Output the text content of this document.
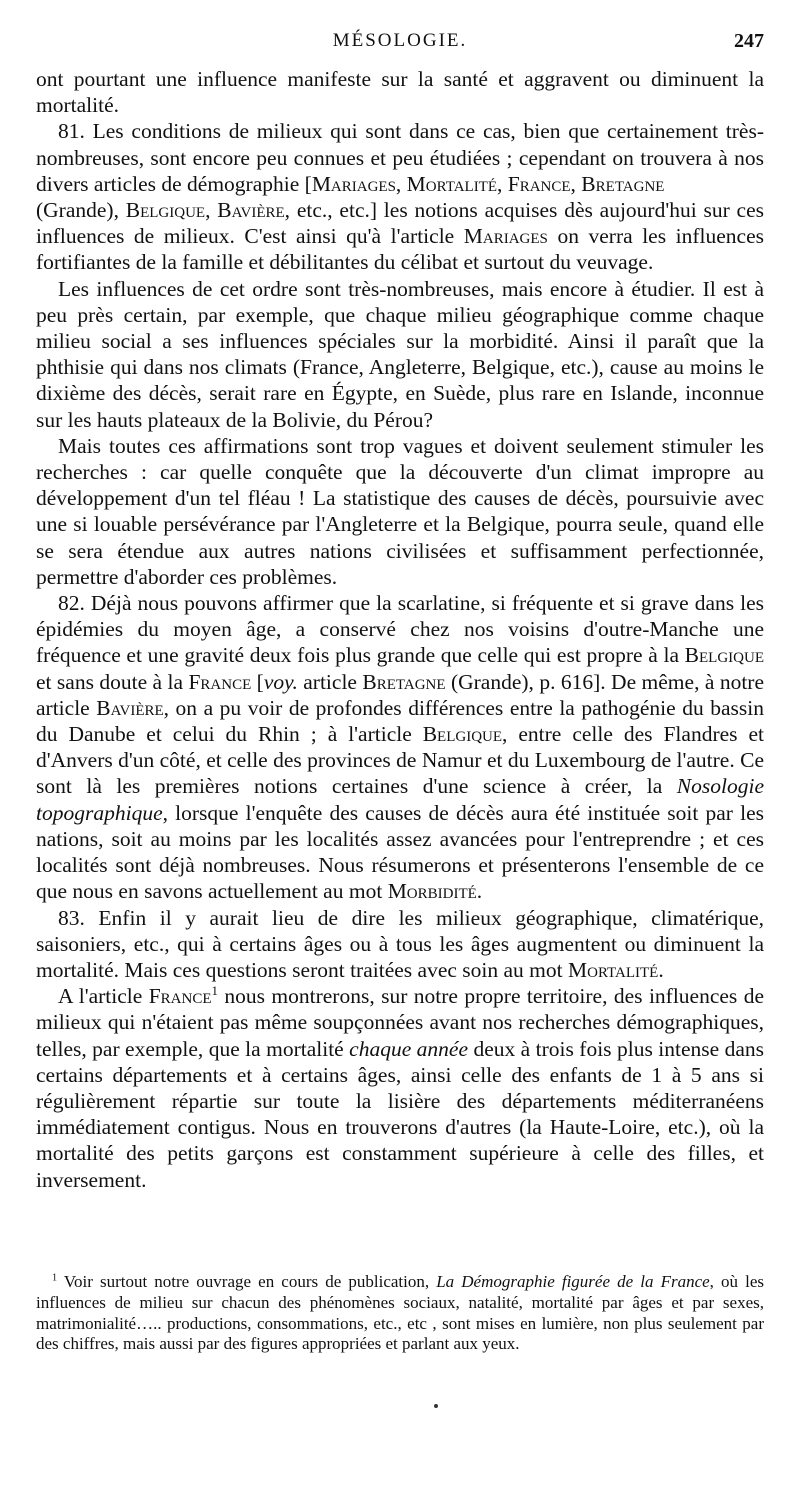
MÉSOLOGIE.	247

ont pourtant une influence manifeste sur la santé et aggravent ou diminuent la mortalité.

81. Les conditions de milieux qui sont dans ce cas, bien que certainement très-nombreuses, sont encore peu connues et peu étudiées ; cependant on trouvera à nos divers articles de démographie [Mariages, Mortalité, France, Bretagne
(Grande), Belgique, Bavière, etc., etc.] les notions acquises dès aujourd'hui sur ces influences de milieux. C'est ainsi qu'à l'article Mariages on verra les influences fortifiantes de la famille et débilitantes du célibat et surtout du veuvage.

Les influences de cet ordre sont très-nombreuses, mais encore à étudier. Il est à peu près certain, par exemple, que chaque milieu géographique comme chaque milieu social a ses influences spéciales sur la morbidité. Ainsi il paraît que la phthisie qui dans nos climats (France, Angleterre, Belgique, etc.), cause au moins le dixième des décès, serait rare en Égypte, en Suède, plus rare en Islande, inconnue sur les hauts plateaux de la Bolivie, du Pérou?

Mais toutes ces affirmations sont trop vagues et doivent seulement stimuler les recherches : car quelle conquête que la découverte d'un climat impropre au développement d'un tel fléau ! La statistique des causes de décès, poursuivie avec une si louable persévérance par l'Angleterre et la Belgique, pourra seule, quand elle se sera étendue aux autres nations civilisées et suffisamment perfectionnée, permettre d'aborder ces problèmes.

82. Déjà nous pouvons affirmer que la scarlatine, si fréquente et si grave dans les épidémies du moyen âge, a conservé chez nos voisins d'outre-Manche une fréquence et une gravité deux fois plus grande que celle qui est propre à la Belgique et sans doute à la France [voy. article Bretagne (Grande), p. 616]. De même, à notre article Bavière, on a pu voir de profondes différences entre la pathogénie du bassin du Danube et celui du Rhin ; à l'article Belgique, entre celle des Flandres et d'Anvers d'un côté, et celle des provinces de Namur et du Luxembourg de l'autre. Ce sont là les premières notions certaines d'une science à créer, la Nosologie topographique, lorsque l'enquête des causes de décès aura été instituée soit par les nations, soit au moins par les localités assez avancées pour l'entreprendre ; et ces localités sont déjà nombreuses. Nous résumerons et présenterons l'ensemble de ce que nous en savons actuellement au mot Morbidité.

83. Enfin il y aurait lieu de dire les milieux géographique, climatérique, saisoniers, etc., qui à certains âges ou à tous les âges augmentent ou diminuent la mortalité. Mais ces questions seront traitées avec soin au mot Mortalité.

A l'article France$^1$ nous montrerons, sur notre propre territoire, des influences de milieux qui n'étaient pas même soupçonnées avant nos recherches démographiques, telles, par exemple, que la mortalité chaque année deux à trois fois plus intense dans certains départements et à certains âges, ainsi celle des enfants de 1 à 5 ans si régulièrement répartie sur toute la lisière des départements méditerranéens immédiatement contigus. Nous en trouverons d'autres (la Haute-Loire, etc.), où la mortalité des petits garçons est constamment supérieure à celle des filles, et inversement.

$^1$ Voir surtout notre ouvrage en cours de publication, La Démographie figurée de la France, où les influences de milieu sur chacun des phénomènes sociaux, natalité, mortalité par âges et par sexes, matrimonialité….. productions, consommations, etc., etc , sont mises en lumière, non plus seulement par des chiffres, mais aussi par des figures appropriées et parlant aux yeux.
